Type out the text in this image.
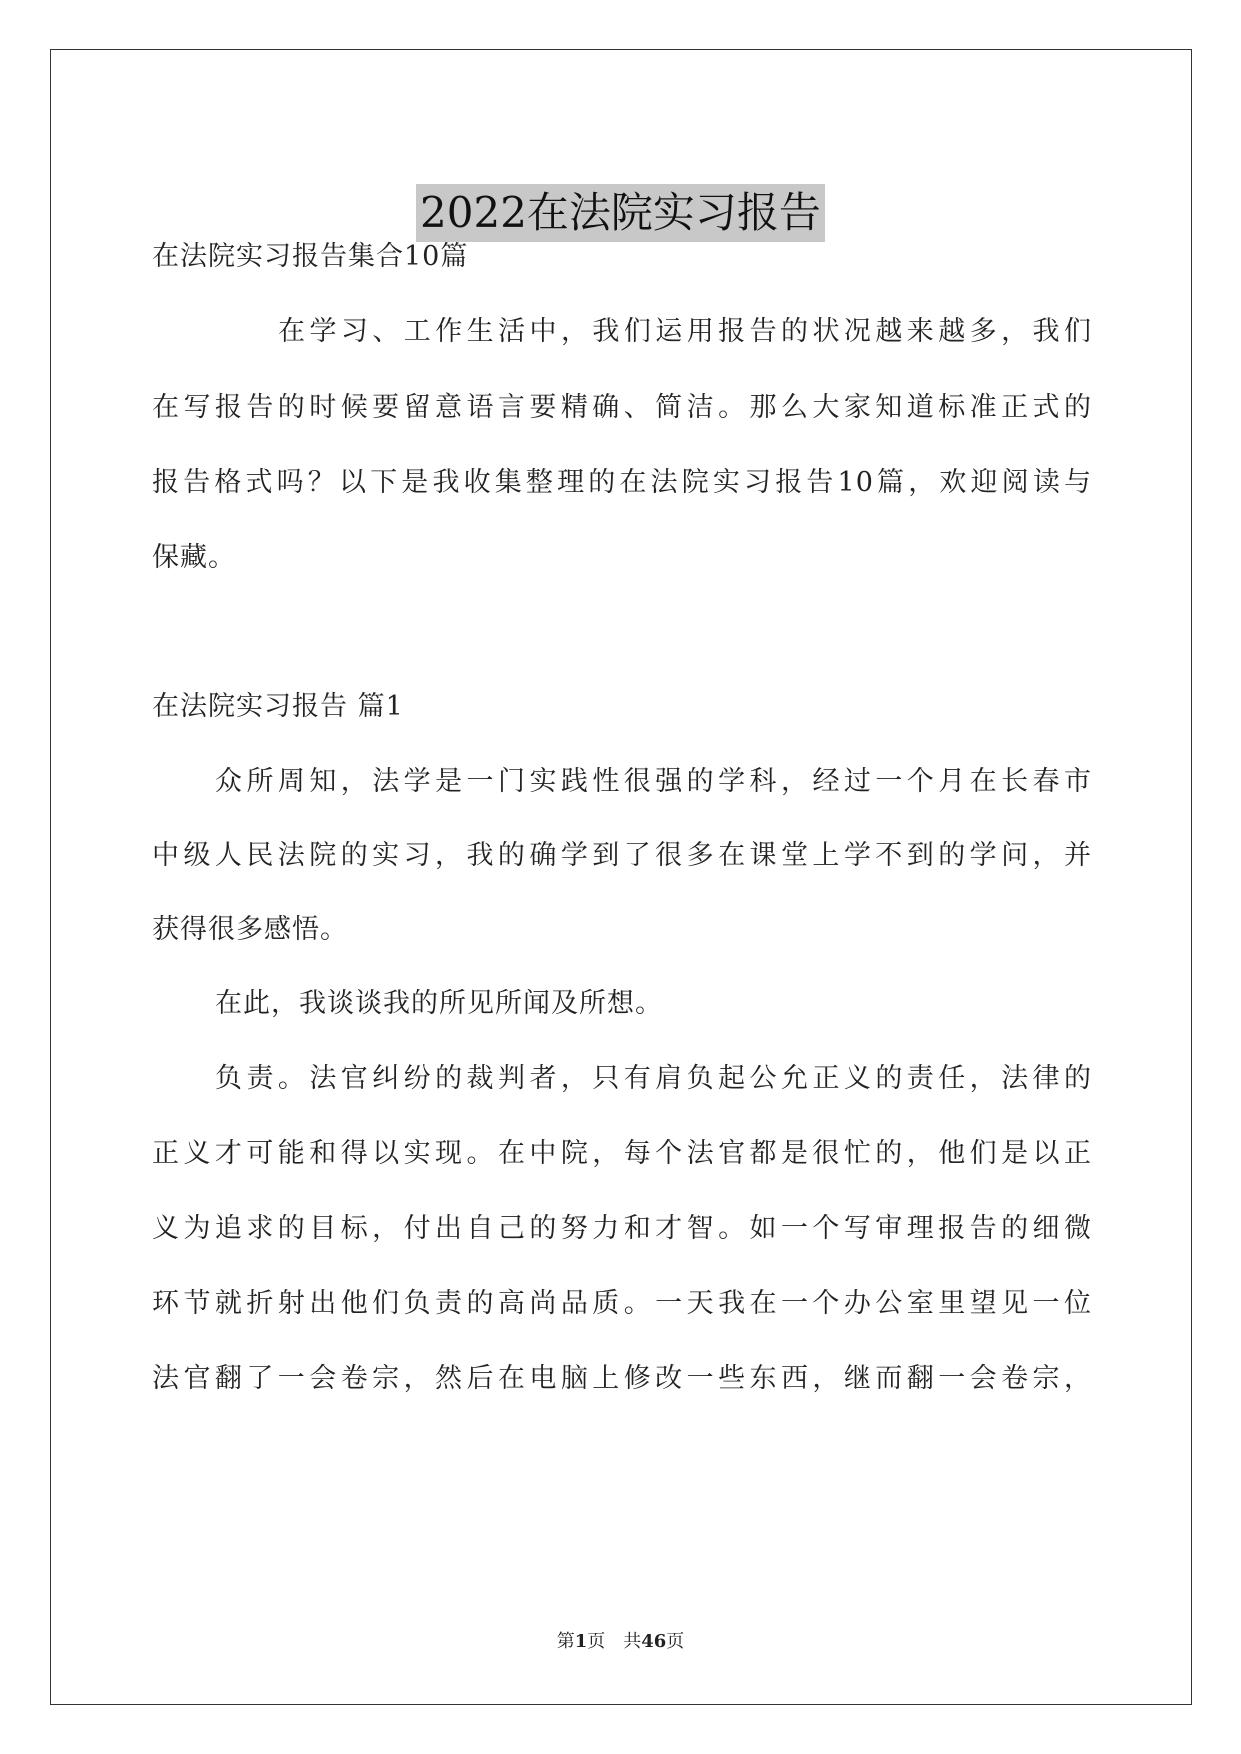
2022在法院实习报告
在法院实习报告集合10篇
在学习、工作生活中，我们运用报告的状况越来越多，我们
在写报告的时候要留意语言要精确、简洁。那么大家知道标准正式的
报告格式吗？以下是我收集整理的在法院实习报告10篇，欢迎阅读与
保藏。
在法院实习报告 篇1
众所周知，法学是一门实践性很强的学科，经过一个月在长春市
中级人民法院的实习，我的确学到了很多在课堂上学不到的学问，并
获得很多感悟。
在此，我谈谈我的所见所闻及所想。
负责。法官纠纷的裁判者，只有肩负起公允正义的责任，法律的
正义才可能和得以实现。在中院，每个法官都是很忙的，他们是以正
义为追求的目标，付出自己的努力和才智。如一个写审理报告的细微
环节就折射出他们负责的高尚品质。一天我在一个办公室里望见一位
法官翻了一会卷宗，然后在电脑上修改一些东西，继而翻一会卷宗，
第1页　共46页
